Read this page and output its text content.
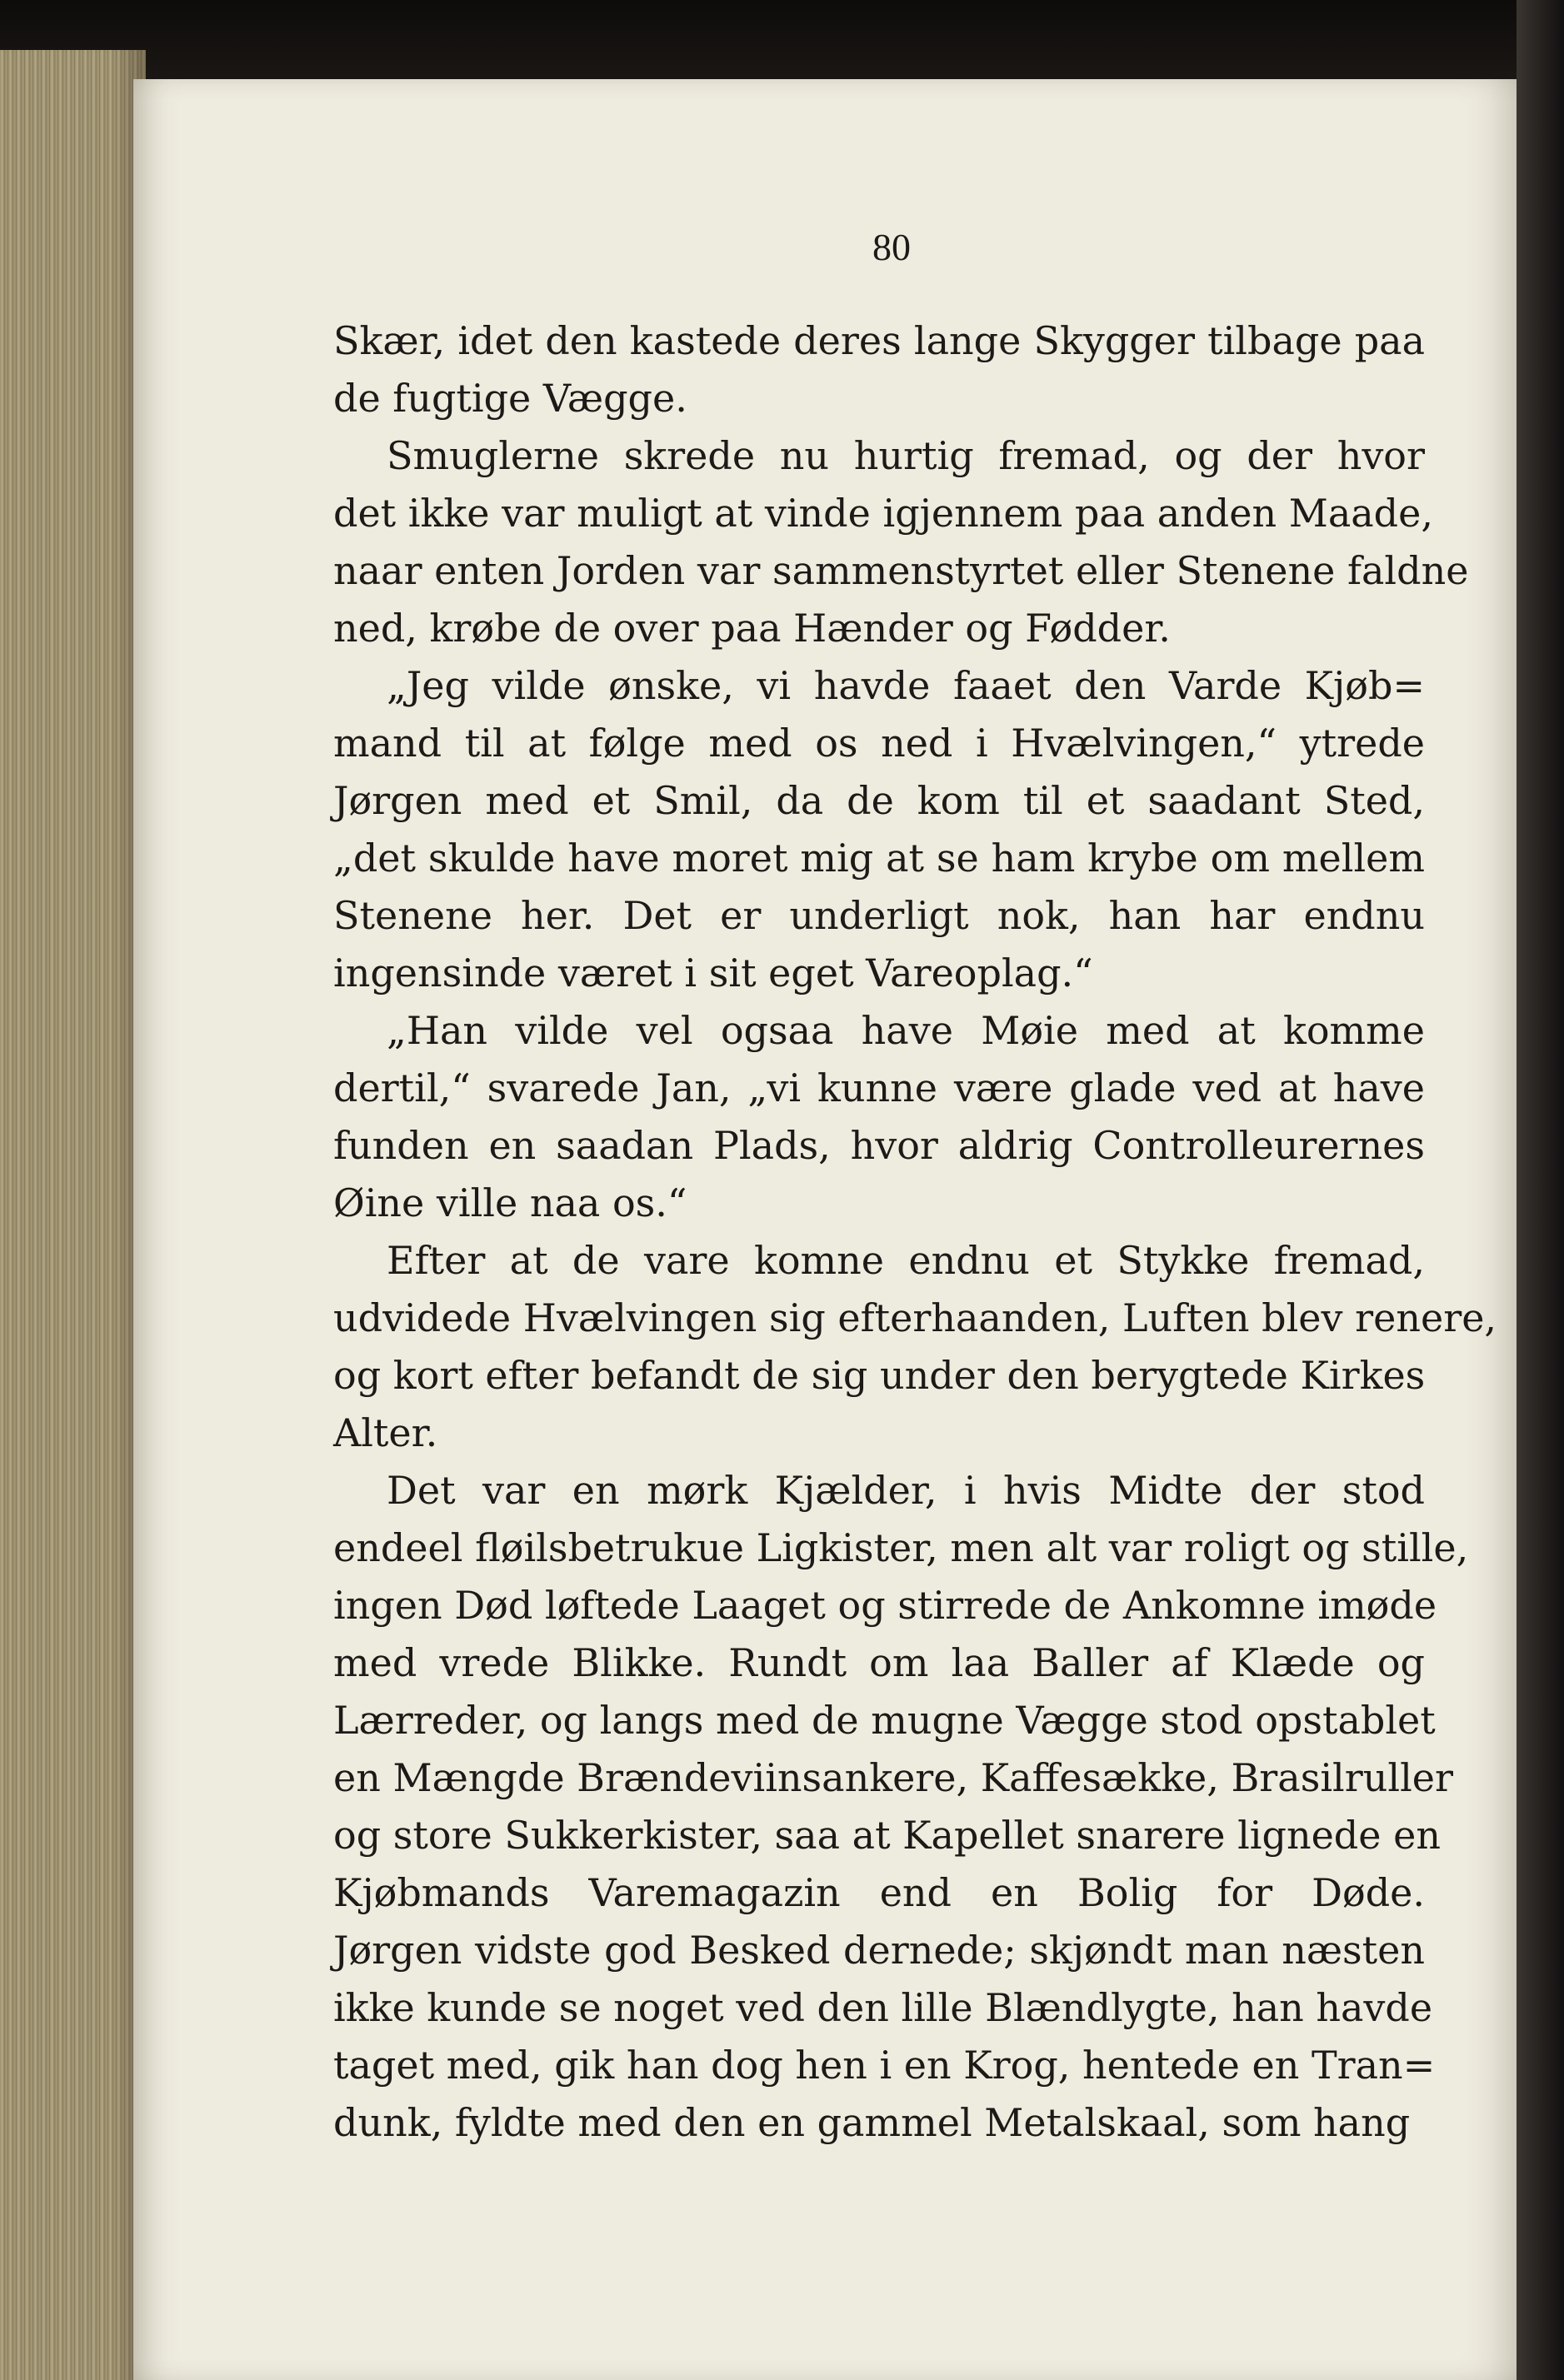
80
Skær, idet den kastede deres lange Skygger tilbage paa
de fugtige Vægge.
Smuglerne skrede nu hurtig fremad, og der hvor
det ikke var muligt at vinde igjennem paa anden Maade,
naar enten Jorden var sammenstyrtet eller Stenene faldne
ned, krøbe de over paa Hænder og Fødder.
„Jeg vilde ønske, vi havde faaet den Varde Kjøb=
mand til at følge med os ned i Hvælvingen,“ ytrede
Jørgen med et Smil, da de kom til et saadant Sted,
„det skulde have moret mig at se ham krybe om mellem
Stenene her. Det er underligt nok, han har endnu
ingensinde været i sit eget Vareoplag.“
„Han vilde vel ogsaa have Møie med at komme
dertil,“ svarede Jan, „vi kunne være glade ved at have
funden en saadan Plads, hvor aldrig Controlleurernes
Øine ville naa os.“
Efter at de vare komne endnu et Stykke fremad,
udvidede Hvælvingen sig efterhaanden, Luften blev renere,
og kort efter befandt de sig under den berygtede Kirkes
Alter.
Det var en mørk Kjælder, i hvis Midte der stod
endeel fløilsbetrukue Ligkister, men alt var roligt og stille,
ingen Død løftede Laaget og stirrede de Ankomne imøde
med vrede Blikke. Rundt om laa Baller af Klæde og
Lærreder, og langs med de mugne Vægge stod opstablet
en Mængde Brændeviinsankere, Kaffesække, Brasilruller
og store Sukkerkister, saa at Kapellet snarere lignede en
Kjøbmands Varemagazin end en Bolig for Døde.
Jørgen vidste god Besked dernede; skjøndt man næsten
ikke kunde se noget ved den lille Blændlygte, han havde
taget med, gik han dog hen i en Krog, hentede en Tran=
dunk, fyldte med den en gammel Metalskaal, som hang
